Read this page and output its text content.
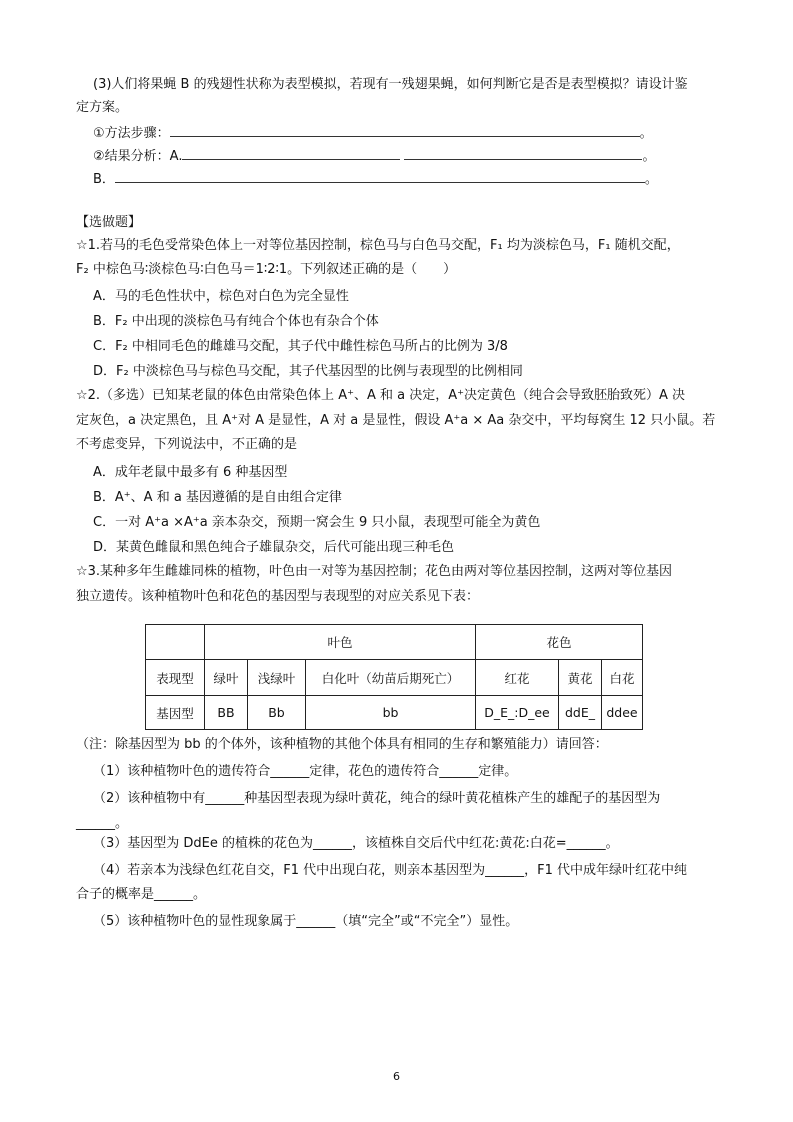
(3)人们将果蝇 B 的残翅性状称为表型模拟，若现有一残翅果蝇，如何判断它是否是表型模拟？请设计鉴
定方案。
①方法步骤：	。
②结果分析：A.	。
B．	。
【选做题】
☆1.若马的毛色受常染色体上一对等位基因控制，棕色马与白色马交配，F₁ 均为淡棕色马，F₁ 随机交配，
F₂ 中棕色马∶淡棕色马∶白色马＝1∶2∶1。下列叙述正确的是（　　）
A．马的毛色性状中，棕色对白色为完全显性
B．F₂ 中出现的淡棕色马有纯合个体也有杂合个体
C．F₂ 中相同毛色的雌雄马交配，其子代中雌性棕色马所占的比例为 3/8
D．F₂ 中淡棕色马与棕色马交配，其子代基因型的比例与表现型的比例相同
☆2.（多选）已知某老鼠的体色由常染色体上 A⁺、A 和 a 决定，A⁺决定黄色（纯合会导致胚胎致死）A 决
定灰色，a 决定黑色，且 A⁺对 A 是显性，A 对 a 是显性，假设 A⁺a × Aa 杂交中，平均每窝生 12 只小鼠。若
不考虑变异，下列说法中，不正确的是
A．成年老鼠中最多有 6 种基因型
B．A⁺、A 和 a 基因遵循的是自由组合定律
C．一对 A⁺a ×A⁺a 亲本杂交，预期一窝会生 9 只小鼠，表现型可能全为黄色
D．某黄色雌鼠和黑色纯合子雄鼠杂交，后代可能出现三种毛色
☆3.某种多年生雌雄同株的植物，叶色由一对等为基因控制；花色由两对等位基因控制，这两对等位基因
独立遗传。该种植物叶色和花色的基因型与表现型的对应关系见下表：
	叶色			花色		
表现型	绿叶	浅绿叶	白化叶（幼苗后期死亡）	红花	黄花	白花
基因型	BB	Bb	bb	D_E_:D_ee	ddE_	ddee
（注：除基因型为 bb 的个体外，该种植物的其他个体具有相同的生存和繁殖能力）请回答：
（1）该种植物叶色的遗传符合______定律，花色的遗传符合______定律。
（2）该种植物中有______种基因型表现为绿叶黄花，纯合的绿叶黄花植株产生的雄配子的基因型为
______。
（3）基因型为 DdEe 的植株的花色为______，该植株自交后代中红花:黄花:白花=______。
（4）若亲本为浅绿色红花自交，F1 代中出现白花，则亲本基因型为______，F1 代中成年绿叶红花中纯
合子的概率是______。
（5）该种植物叶色的显性现象属于______（填“完全”或“不完全”）显性。
6
